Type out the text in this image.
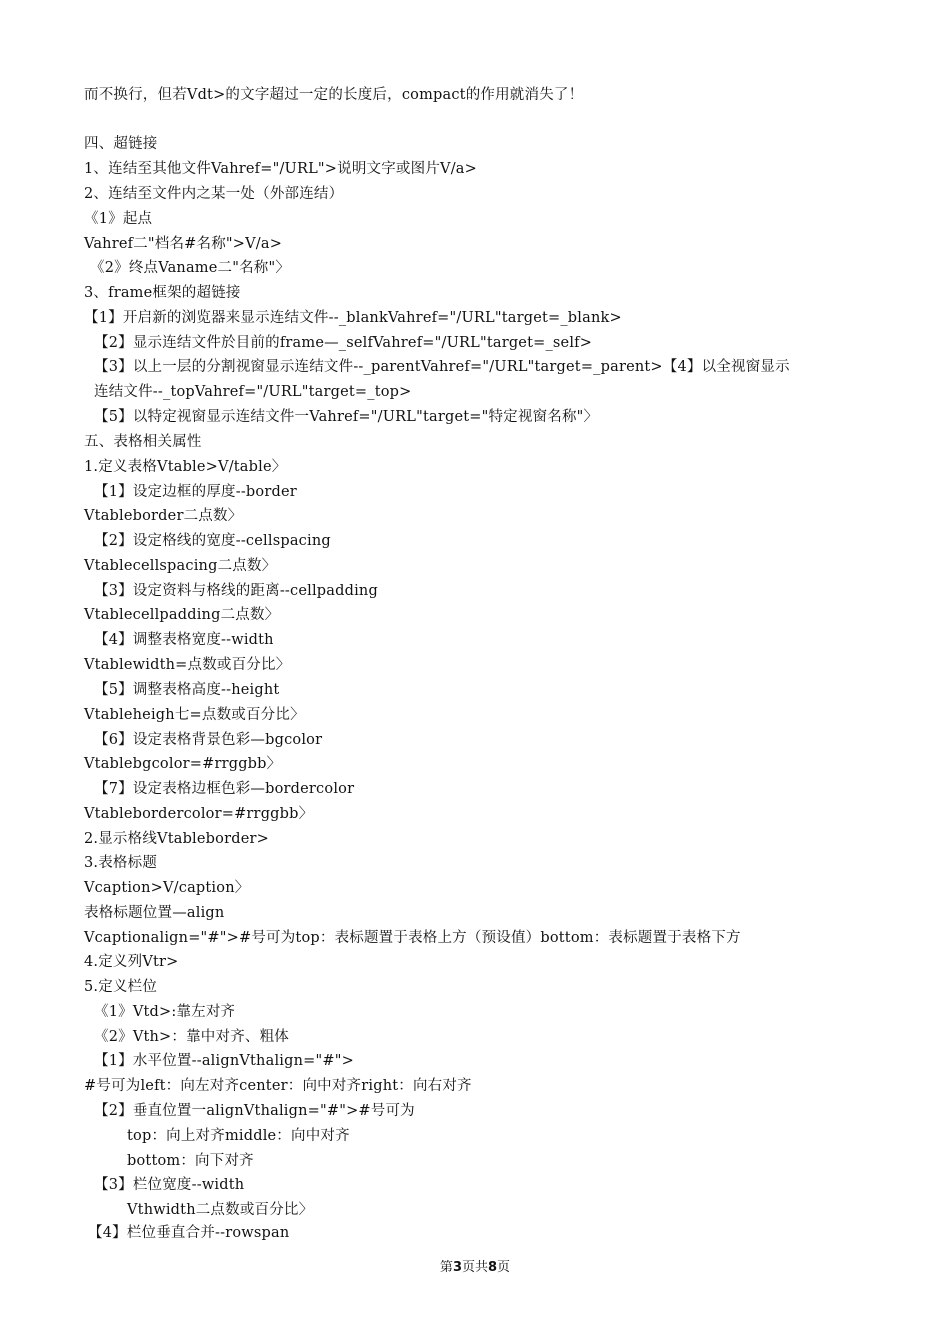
而不换行，但若Vdt>的文字超过一定的长度后，compact的作用就消失了！
四、超链接
1、连结至其他文件Vahref="/URL">说明文字或图片V/a>
2、连结至文件内之某一处（外部连结）
《1》起点
Vahref二"档名#名称">V/a>
《2》终点Vaname二"名称"〉
3、frame框架的超链接
【1】开启新的浏览器来显示连结文件--_blankVahref="/URL"target=_blank>
【2】显示连结文件於目前的frame—_selfVahref="/URL"target=_self>
【3】以上一层的分割视窗显示连结文件--_parentVahref="/URL"target=_parent>【4】以全视窗显示
连结文件--_topVahref="/URL"target=_top>
【5】以特定视窗显示连结文件一Vahref="/URL"target="特定视窗名称"〉
五、表格相关属性
1.定义表格Vtable>V/table〉
【1】设定边框的厚度--border
Vtableborder二点数〉
【2】设定格线的宽度--cellspacing
Vtablecellspacing二点数〉
【3】设定资料与格线的距离--cellpadding
Vtablecellpadding二点数〉
【4】调整表格宽度--width
Vtablewidth=点数或百分比〉
【5】调整表格高度--height
Vtableheigh七=点数或百分比〉
【6】设定表格背景色彩—bgcolor
Vtablebgcolor=#rrggbb〉
【7】设定表格边框色彩—bordercolor
Vtablebordercolor=#rrggbb〉
2.显示格线Vtableborder>
3.表格标题
Vcaption>V/caption〉
表格标题位置—align
Vcaptionalign="#">#号可为top：表标题置于表格上方（预设值）bottom：表标题置于表格下方
4.定义列Vtr>
5.定义栏位
《1》Vtd>:靠左对齐
《2》Vth>：靠中对齐、粗体
【1】水平位置--alignVthalign="#">
#号可为left：向左对齐center：向中对齐right：向右对齐
【2】垂直位置一alignVthalign="#">#号可为
top：向上对齐middle：向中对齐
bottom：向下对齐
【3】栏位宽度--width
Vthwidth二点数或百分比〉
【4】栏位垂直合并--rowspan
第3页共8页
